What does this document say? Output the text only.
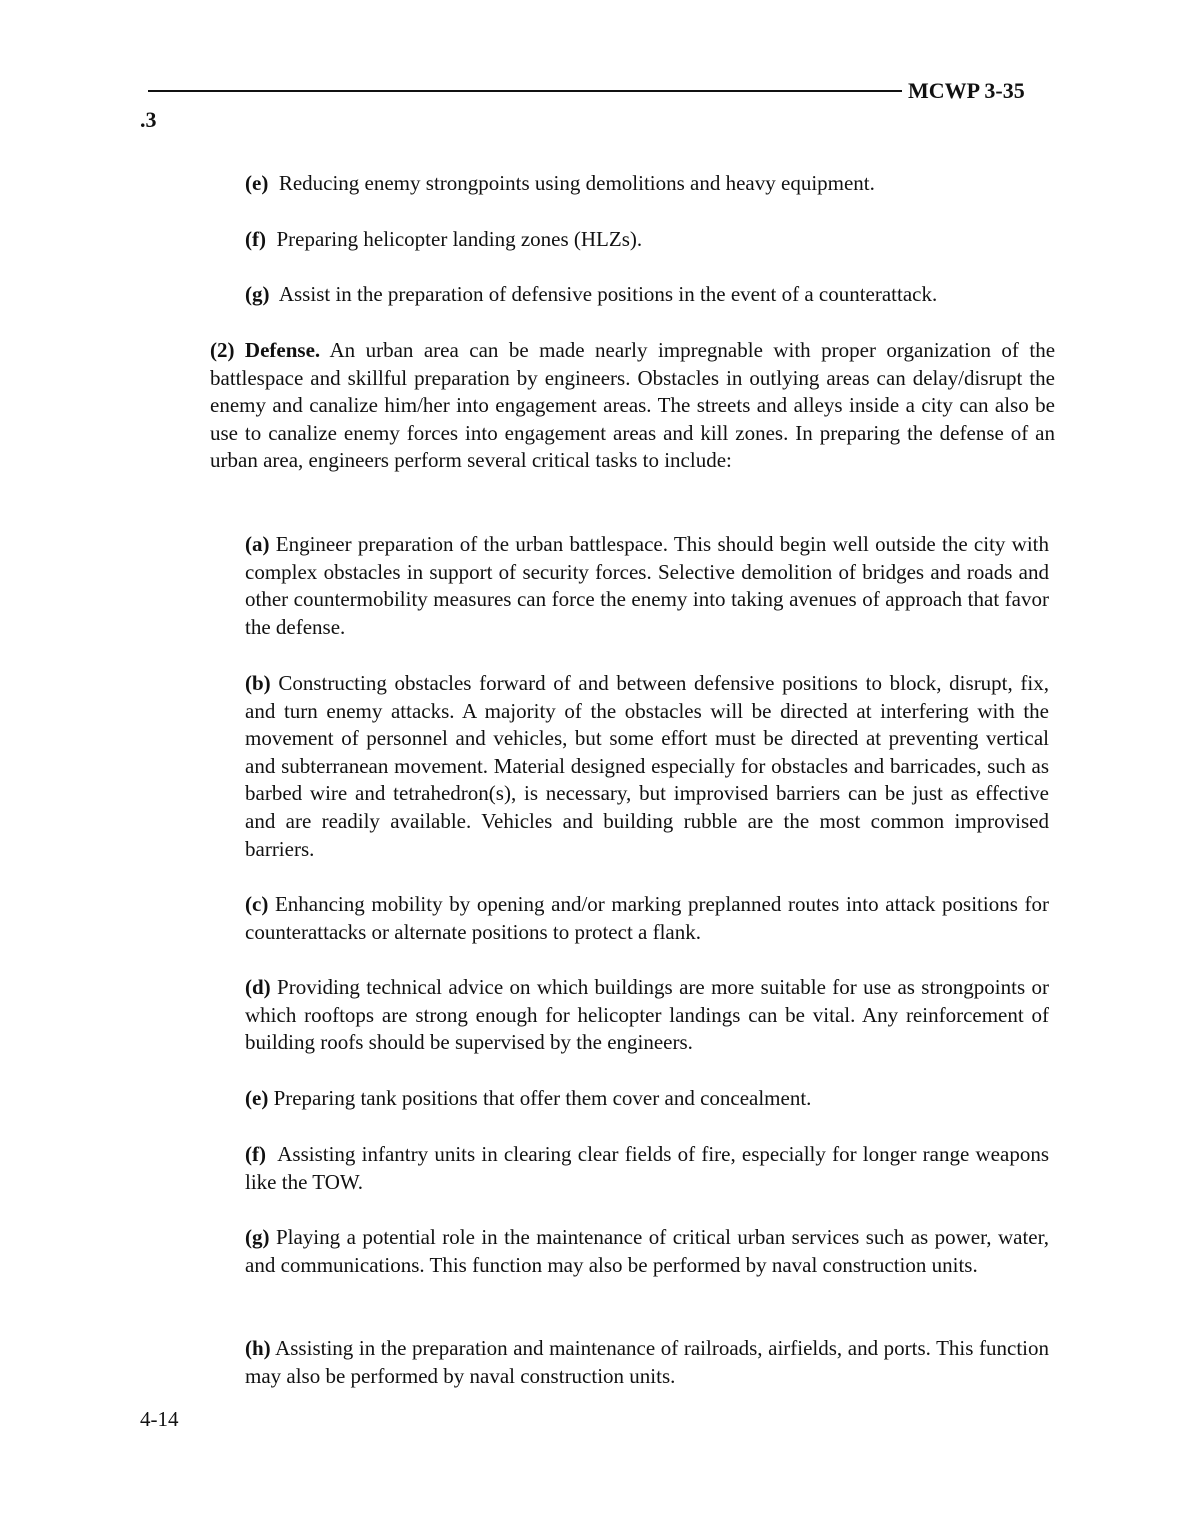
MCWP 3-35
.3

(e) Reducing enemy strongpoints using demolitions and heavy equipment.

(f) Preparing helicopter landing zones (HLZs).

(g) Assist in the preparation of defensive positions in the event of a counterattack.

(2) Defense. An urban area can be made nearly impregnable with proper organization of the battlespace and skillful preparation by engineers. Obstacles in outlying areas can delay/disrupt the enemy and canalize him/her into engagement areas. The streets and alleys inside a city can also be use to canalize enemy forces into engagement areas and kill zones. In preparing the defense of an urban area, engineers perform several critical tasks to include:

(a) Engineer preparation of the urban battlespace. This should begin well outside the city with complex obstacles in support of security forces. Selective demolition of bridges and roads and other countermobility measures can force the enemy into taking avenues of approach that favor the defense.

(b) Constructing obstacles forward of and between defensive positions to block, disrupt, fix, and turn enemy attacks. A majority of the obstacles will be directed at interfering with the movement of personnel and vehicles, but some effort must be directed at preventing vertical and subterranean movement. Material designed especially for obstacles and barricades, such as barbed wire and tetrahedron(s), is necessary, but improvised barriers can be just as effective and are readily available. Vehicles and building rubble are the most common improvised barriers.

(c) Enhancing mobility by opening and/or marking preplanned routes into attack positions for counterattacks or alternate positions to protect a flank.

(d) Providing technical advice on which buildings are more suitable for use as strongpoints or which rooftops are strong enough for helicopter landings can be vital. Any reinforcement of building roofs should be supervised by the engineers.

(e) Preparing tank positions that offer them cover and concealment.

(f) Assisting infantry units in clearing clear fields of fire, especially for longer range weapons like the TOW.

(g) Playing a potential role in the maintenance of critical urban services such as power, water, and communications. This function may also be performed by naval construction units.

(h) Assisting in the preparation and maintenance of railroads, airfields, and ports. This function may also be performed by naval construction units.

4-14
